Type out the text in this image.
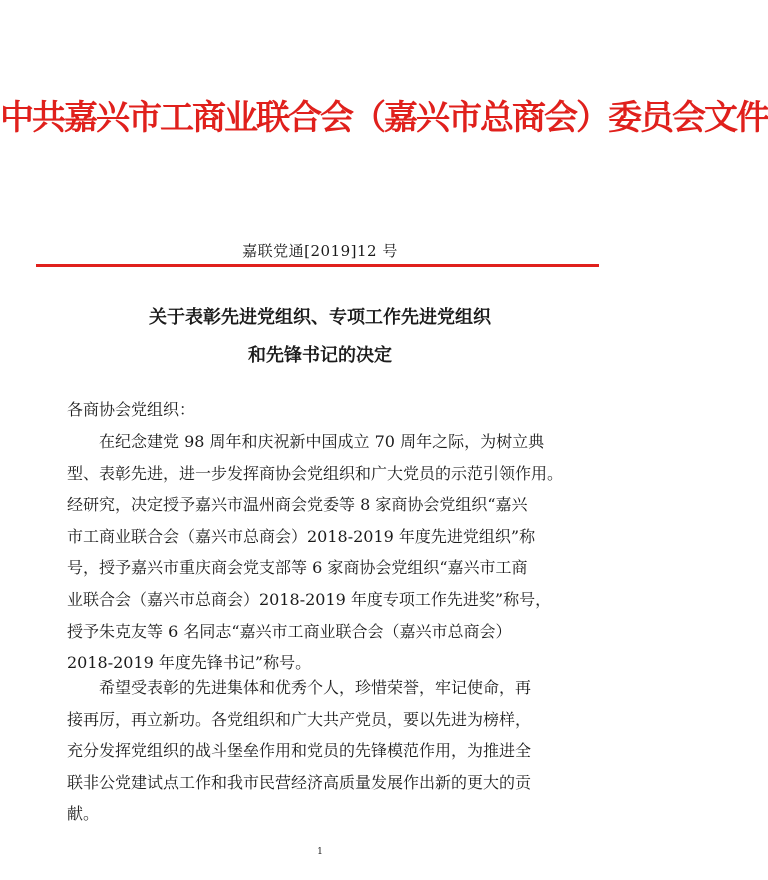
中共嘉兴市工商业联合会（嘉兴市总商会）委员会文件
嘉联党通[2019]12 号
关于表彰先进党组织、专项工作先进党组织
和先锋书记的决定
各商协会党组织：
在纪念建党 98 周年和庆祝新中国成立 70 周年之际，为树立典
型、表彰先进，进一步发挥商协会党组织和广大党员的示范引领作用。
经研究，决定授予嘉兴市温州商会党委等 8 家商协会党组织“嘉兴
市工商业联合会（嘉兴市总商会）2018-2019 年度先进党组织”称
号，授予嘉兴市重庆商会党支部等 6 家商协会党组织“嘉兴市工商
业联合会（嘉兴市总商会）2018-2019 年度专项工作先进奖”称号，
授予朱克友等 6 名同志“嘉兴市工商业联合会（嘉兴市总商会）
2018-2019 年度先锋书记”称号。
希望受表彰的先进集体和优秀个人，珍惜荣誉，牢记使命，再
接再厉，再立新功。各党组织和广大共产党员，要以先进为榜样，
充分发挥党组织的战斗堡垒作用和党员的先锋模范作用，为推进全
联非公党建试点工作和我市民营经济高质量发展作出新的更大的贡
献。
1
